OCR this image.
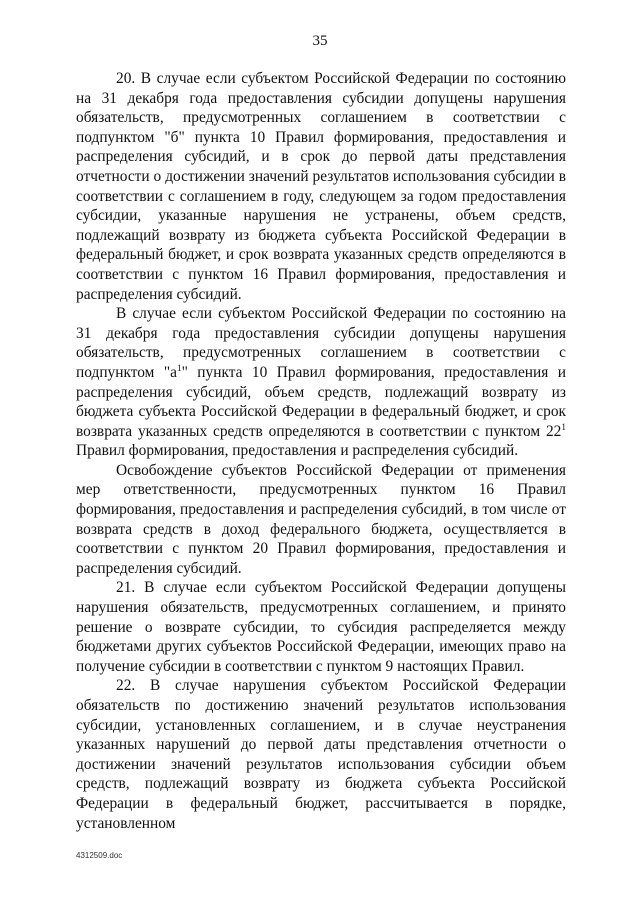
35

20. В случае если субъектом Российской Федерации по состоянию на 31 декабря года предоставления субсидии допущены нарушения обязательств, предусмотренных соглашением в соответствии с подпунктом "б" пункта 10 Правил формирования, предоставления и распределения субсидий, и в срок до первой даты представления отчетности о достижении значений результатов использования субсидии в соответствии с соглашением в году, следующем за годом предоставления субсидии, указанные нарушения не устранены, объем средств, подлежащий возврату из бюджета субъекта Российской Федерации в федеральный бюджет, и срок возврата указанных средств определяются в соответствии с пунктом 16 Правил формирования, предоставления и распределения субсидий.

В случае если субъектом Российской Федерации по состоянию на 31 декабря года предоставления субсидии допущены нарушения обязательств, предусмотренных соглашением в соответствии с подпунктом "$а^1$" пункта 10 Правил формирования, предоставления и распределения субсидий, объем средств, подлежащий возврату из бюджета субъекта Российской Федерации в федеральный бюджет, и срок возврата указанных средств определяются в соответствии с пунктом $22^1$ Правил формирования, предоставления и распределения субсидий.

Освобождение субъектов Российской Федерации от применения мер ответственности, предусмотренных пунктом 16 Правил формирования, предоставления и распределения субсидий, в том числе от возврата средств в доход федерального бюджета, осуществляется в соответствии с пунктом 20 Правил формирования, предоставления и распределения субсидий.

21. В случае если субъектом Российской Федерации допущены нарушения обязательств, предусмотренных соглашением, и принято решение о возврате субсидии, то субсидия распределяется между бюджетами других субъектов Российской Федерации, имеющих право на получение субсидии в соответствии с пунктом 9 настоящих Правил.

22. В случае нарушения субъектом Российской Федерации обязательств по достижению значений результатов использования субсидии, установленных соглашением, и в случае неустранения указанных нарушений до первой даты представления отчетности о достижении значений результатов использования субсидии объем средств, подлежащий возврату из бюджета субъекта Российской Федерации в федеральный бюджет, рассчитывается в порядке, установленном

4312509.doc
